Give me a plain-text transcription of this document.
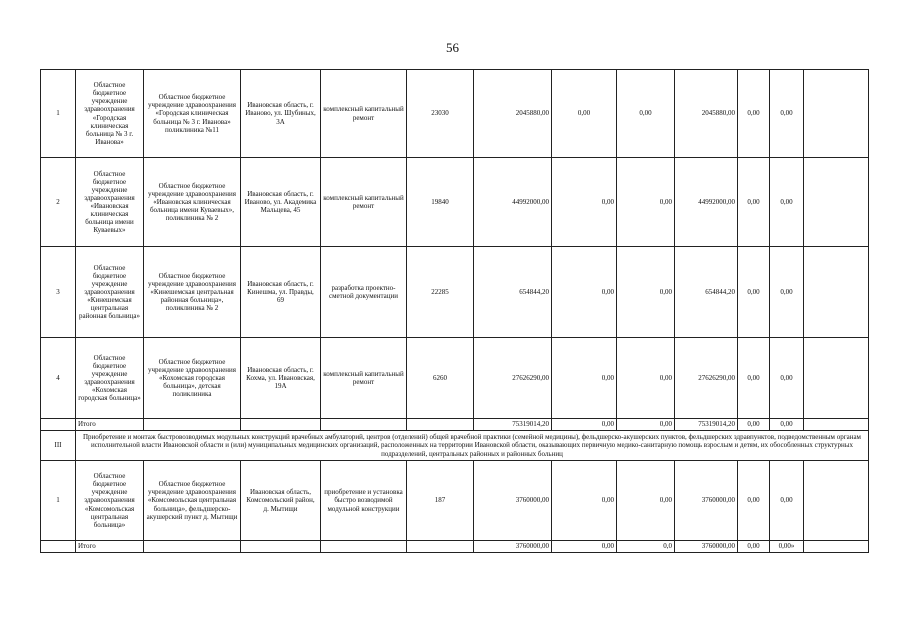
56
1	Областное бюджетное учреждение здравоохранения «Городская клиническая больница № 3 г. Иванова»	Областное бюджетное учреждение здравоохранения «Городская клиническая больница № 3 г. Иванова» поликлиника №11	Ивановская область, г. Иваново, ул. Шубиных, 3А	комплексный капитальный ремонт	23030	2045880,00	0,00	0,00	2045880,00	0,00	0,00	
2	Областное бюджетное учреждение здравоохранения «Ивановская клиническая больница имени Куваевых»	Областное бюджетное учреждение здравоохранения «Ивановская клиническая больница имени Куваевых», поликлиника № 2	Ивановская область, г. Иваново, ул. Академика Мальцева, 45	комплексный капитальный ремонт	19840	44992000,00	0,00	0,00	44992000,00	0,00	0,00	
3	Областное бюджетное учреждение здравоохранения «Кинешемская центральная районная больница»	Областное бюджетное учреждение здравоохранения «Кинешемская центральная районная больница», поликлиника № 2	Ивановская область, г. Кинешма, ул. Правды, 69	разработка проектно-сметной документации	22285	654844,20	0,00	0,00	654844,20	0,00	0,00	
4	Областное бюджетное учреждение здравоохранения «Кохомская городская больница»	Областное бюджетное учреждение здравоохранения «Кохомская городская больница», детская поликлиника	Ивановская область, г. Кохма, ул. Ивановская, 19А	комплексный капитальный ремонт	6260	27626290,00	0,00	0,00	27626290,00	0,00	0,00	
	Итого					75319014,20	0,00	0,00	75319014,20	0,00	0,00	
III	Приобретение и монтаж быстровозводимых модульных конструкций врачебных амбулаторий, центров (отделений) общей врачебной практики (семейной медицины), фельдшерско-акушерских пунктов, фельдшерских здравпунктов, подведомственным органам исполнительной власти Ивановской области и (или) муниципальных медицинских организаций, расположенных на территории Ивановской области, оказывающих первичную медико-санитарную помощь взрослым и детям, их обособленных структурных подразделений, центральных районных и районных больниц											
1	Областное бюджетное учреждение здравоохранения «Комсомольская центральная больница»	Областное бюджетное учреждение здравоохранения «Комсомольская центральная больница», фельдшерско-акушерский пункт д. Мытищи	Ивановская область, Комсомольский район, д. Мытищи	приобретение и установка быстро возводимой модульной конструкции	187	3760000,00	0,00	0,00	3760000,00	0,00	0,00	
	Итого					3760000,00	0,00	0,0	3760000,00	0,00	0,00»	
